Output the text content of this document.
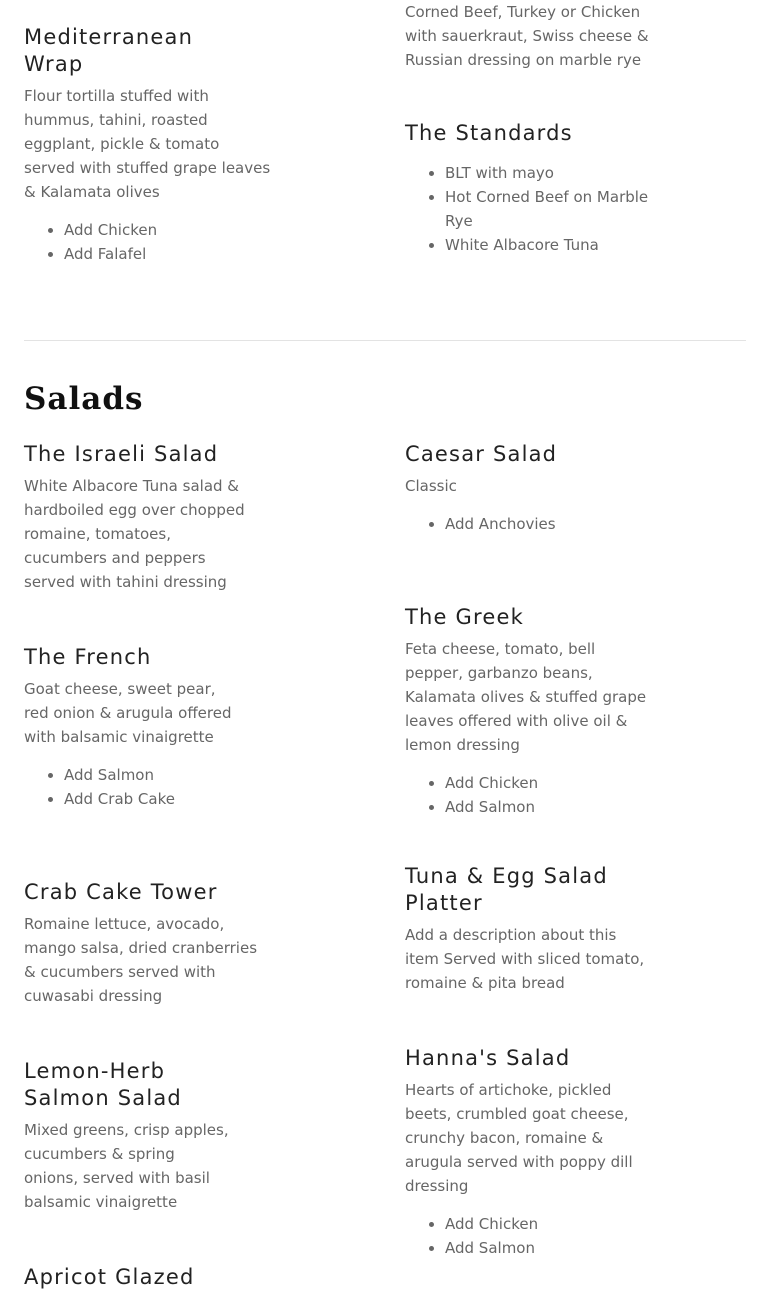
Corned Beef, Turkey or Chicken with sauerkraut, Swiss cheese & Russian dressing on marble rye

Mediterranean Wrap

Flour tortilla stuffed with hummus, tahini, roasted eggplant, pickle & tomato served with stuffed grape leaves & Kalamata olives

• Add Chicken
• Add Falafel
The Standards
• BLT with mayo
• Hot Corned Beef on Marble Rye
• White Albacore Tuna
Salads
The Israeli Salad

White Albacore Tuna salad & hardboiled egg over chopped romaine, tomatoes, cucumbers and peppers served with tahini dressing

Caesar Salad

Classic

• Add Anchovies
The Greek

Feta cheese, tomato, bell pepper, garbanzo beans, Kalamata olives & stuffed grape leaves offered with olive oil & lemon dressing

• Add Chicken
• Add Salmon
The French

Goat cheese, sweet pear, red onion & arugula offered with balsamic vinaigrette

• Add Salmon
• Add Crab Cake
Tuna & Egg Salad Platter

Add a description about this item Served with sliced tomato, romaine & pita bread

Crab Cake Tower

Romaine lettuce, avocado, mango salsa, dried cranberries & cucumbers served with cuwasabi dressing

Hanna's Salad

Hearts of artichoke, pickled beets, crumbled goat cheese, crunchy bacon, romaine & arugula served with poppy dill dressing

• Add Chicken
• Add Salmon
Lemon-Herb Salmon Salad

Mixed greens, crisp apples, cucumbers & spring onions, served with basil balsamic vinaigrette

Apricot Glazed
